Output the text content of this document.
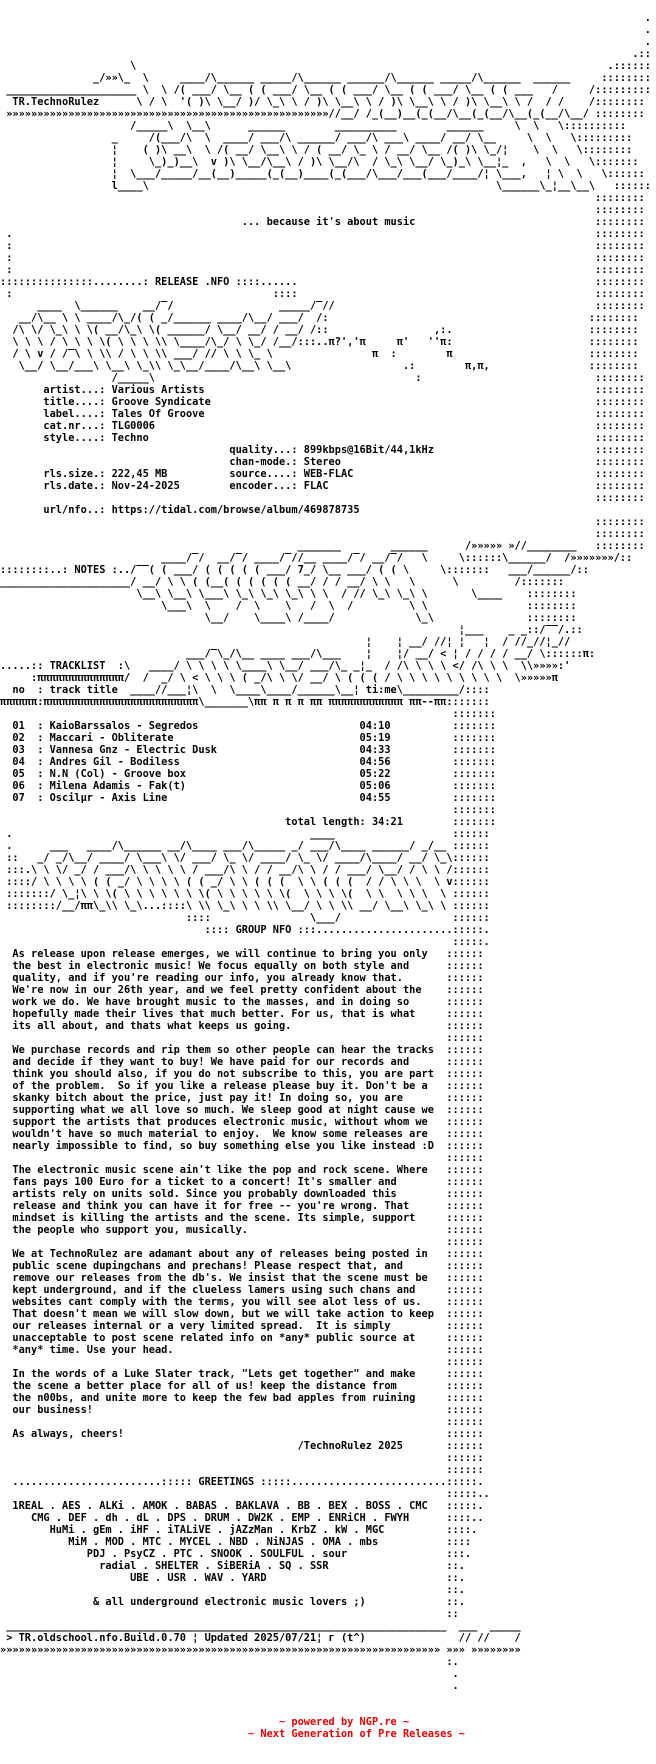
.
.
.
.::
\                                                                            .::::::
_/»»\_  \     ____/\______ _____/\______ ______/\______ _____/\______  ______     ::::::::
_____________________ \  \ /( ___/ \__ ( ( ___/ \__ ( ( ___/ \__ ( ( ___/ \__ ( ( ___   /     /:::::::::
TR.TechnoRulez      \ / \  '( )\ \__/ )/ \_\ \ / )\ \__\ \ / )\ \__\ \ / )\ \__\ \ /  / /    /::::::::
»»»»»»»»»»»»»»»»»»»»»»»»»»»»»»»»»»»»»»»»»»»»»»»»»»»»//__/ /_(__)__(_(__/\__(_(__/\__(_(__/\__/ ::::::::
/_____\  \__\      ______        __________        ______     \  \   \::::::::::
_     /(___/\  \  ____/ ___/\ ______/ ___/\ ___\ ____/ __/ \__     \  \   \:::::::::
¦    ( )\ __\  \ /( __/ \__\ \ / ( __/ \_ \ / __/ \__ /( )\ \_/¦    \  \   \::::::::
¦     \_)_)__\  v )\ \__/\__\ / )\ \__/\  / \_\ \__/ \_)_\ \__¦_  ,   \  \   \:::::::
¦  \___/_____/__(__)_____(_(__)____(_(___/\___/___(___/____/¦ \___,   ¦ \  \   \::::::
l____\                                                        \______\_¦__\__\   ::::::
::::::::
::::::::
... because it's about music                             ::::::::
.                                                                                              ::::::::
:                                                                                              ::::::::
:                                                                                              ::::::::
:                                                                                              ::::::::
:::::::::::::::........: RELEASE .NFO ::::......                                                ::::::::
:                                          ::::                                                ::::::::
____  \______    __/‾/                 _____/‾//                                          ::::::::
__/\__ \ \ ____/\_/( ( _/______ ____/\__/ ___/  /:                                          ::::::::
/\ \/ \_\ \ \( __/\_\ \( ______/ \__/ __/ / __/ /::                 ,:.                      ::::::::
\ \ \ / \ \ \ \( \ \ \ \\ \____/\_/ \ \_/ /__/:::..π?','π     π'   ''π:                      ::::::::
/ \ v / /‾\ \ \\ / \ \ \\ ___/ // \ \ \_ \                π  :        π                      ::::::::
\__/ \__/___\ \__\ \_\\ \_\__/____/\__\ \__\                  .:        π,π,                ::::::::
/_____\                                          :                            ::::::::
artist...: Various Artists                                                               ::::::::
title....: Groove Syndicate                                                              ::::::::
label....: Tales Of Groove                                                               ::::::::
cat.nr...: TLG0006                                                                       ::::::::
style....: Techno                                                                        ::::::::
quality...: 899kbps@16Bit/44,1kHz                          ::::::::
chan-mode.: Stereo                                         ::::::::
rls.size.: 222,45 MB          source....: WEB-FLAC                                       ::::::::
rls.date.: Nov-24-2025        encoder...: FLAC                                           ::::::::
::::::::
url/nfo..: https://tidal.com/browse/album/469878735
::::::::
::::::::
_______        ______      /»»»»» »//________   ::::::::
____/‾/  __/‾/ ____/‾//__ ____/‾/ __/‾/   \     \::::::\______/  /»»»»»»»/::
::::::::..: NOTES :../‾‾( ( ___/ ( ( ( ( ( ___/ 7_/ \__ ___/ ( ( \     \:::::::   ___/______/::
_____________________/ __/ \ \ ( (__( ( ( ( ( ( __/ / / __/ \ \   \      \         /:::::::
\__\ \__\ \___\ \_\ \_\ \_\ \ \  / // \_\ \_\ \       \____    ::::::::
\___\  \    /  \    \   /  \  /         \ \                ::::::::
\__/    \____\ /____/             \_\               ::::::::
¦___    _ _::/‾‾/.::
¦    ¦ __/ //¦ ¦   ¦  / //_//¦_//
___/‾\_/\__ ____ ___/\___    ¦    ¦/ __/ < ¦ / / / / __/ \::::::π:
.....:: TRACKLIST  :\   ____/ \ \ \ \ \____\ \__/ ___/\_ _¦_  / /\ \ \ \ </ /\ \ \  \\»»»»:'
:ππππππππππππππ/  /  _/ \ < \ \ \ ( _/\ \ \/ __/ \ ( ( ( / \ \ \ \ \ \ \ \ \  \»»»»»π
no  : track title  ____//___¦\  \  \____\____/______\__¦ ti:me\_________/::::
ππππππ:πππππππππππππππππππππππππ\_______\ππ π π π ππ ππππππππππππ ππ--ππ:::::::
:::::::
01  : KaioBarssalos - Segredos                          04:10          :::::::
02  : Maccari - Obliterate                              05:19          :::::::
03  : Vannesa Gnz - Electric Dusk                       04:33          :::::::
04  : Andres Gil - Bodiless                             04:56          :::::::
05  : N.N (Col) - Groove box                            05:22          :::::::
06  : Milena Adamis - Fak(t)                            05:06          :::::::
07  : Oscilµr - Axis Line                               04:55          :::::::
:::::::
total length: 34:21        :::::::
.                                                ____                   ::::::
.      ___   ____/\______ __/\____ ___/\_____ _/ ___/\____ ______/ _/__ ::::::
::   _/ _/\__/ ____/ \___\ \/ ___/ \_ \/ ____/ \_ \/ ____/\____/ __/ \_\::::::
:::.\ \ \/ _/ / ___/\ \ \ \ \ / ___/\ \ / / __/\ \ / / ___/ \__/ / \ \ /::::::
::::/ \ \ \ \ ( ( _/ \ \ \ \ ( ( _/ \ \ ( ( (  \ \ ( ( (  / / \ \ \  \ v::::::
:::::::/ \_¦\ \ \( \ \ \ \ \ \ \( \ \ \ \ \ \(  \ \ \ \(  \ \  \ \ \  \ ::::::
::::::::/__/ππ\_\\ \_\...::::\ \\ \_\ \ \ \\ \__/ \ \ \\ __/ \__\ \_\ \ ::::::
::::                \___/                  ::::::
:::: GROUP NFO :::......................:::::.
:::::.
As release upon release emerges, we will continue to bring you only   ::::::
the best in electronic music! We focus equally on both style and      ::::::
quality, and if you're reading our info, you already know that.       ::::::
We're now in our 26th year, and we feel pretty confident about the    ::::::
work we do. We have brought music to the masses, and in doing so      ::::::
hopefully made their lives that much better. For us, that is what     ::::::
its all about, and thats what keeps us going.                         ::::::
::::::
We purchase records and rip them so other people can hear the tracks  ::::::
and decide if they want to buy! We have paid for our records and      ::::::
think you should also, if you do not subscribe to this, you are part  ::::::
of the problem.  So if you like a release please buy it. Don't be a   ::::::
skanky bitch about the price, just pay it! In doing so, you are       ::::::
supporting what we all love so much. We sleep good at night cause we  ::::::
support the artists that produces electronic music, without whom we   ::::::
wouldn't have so much material to enjoy.  We know some releases are   ::::::
nearly impossible to find, so buy something else you like instead :D  ::::::
::::::
The electronic music scene ain't like the pop and rock scene. Where   ::::::
fans pays 100 Euro for a ticket to a concert! It's smaller and        ::::::
artists rely on units sold. Since you probably downloaded this        ::::::
release and think you can have it for free -- you're wrong. That      ::::::
mindset is killing the artists and the scene. Its simple, support     ::::::
the people who support you, musically.                                ::::::
::::::
We at TechnoRulez are adamant about any of releases being posted in   ::::::
public scene dupingchans and prechans! Please respect that, and       ::::::
remove our releases from the db's. We insist that the scene must be   ::::::
kept underground, and if the clueless lamers using such chans and     ::::::
websites cant comply with the terms, you will see alot less of us.    ::::::
That doesn't mean we will slow down, but we will take action to keep  ::::::
our releases internal or a very limited spread.  It is simply         ::::::
unacceptable to post scene related info on *any* public source at     ::::::
*any* time. Use your head.                                            ::::::
::::::
In the words of a Luke Slater track, "Lets get together" and make     ::::::
the scene a better place for all of us! keep the distance from        ::::::
the n00bs, and unite more to keep the few bad apples from ruining     ::::::
our business!                                                         ::::::
::::::
As always, cheers!                                                    ::::::
/TechnoRulez 2025       ::::::
::::::
::::::
........................::::: GREETINGS :::::.........................:::::.
:::::..
1REAL . AES . ALKi . AMOK . BABAS . BAKLAVA . BB . BEX . BOSS . CMC   :::::.
CMG . DEF . dh . dL . DPS . DRUM . DW2K . EMP . ENRiCH . FWYH      ::::..
HuMi . gEm . iHF . iTALiVE . jAZzMan . KrbZ . kW . MGC          ::::.
MiM . MOD . MTC . MYCEL . NBD . NiNJAS . OMA . mbs           ::::
PDJ . PsyCZ . PTC . SNOOK . SOULFUL . sour                :::.
radial . SHELTER . SiBERiA . SQ . SSR                   ::.
UBE . USR . WAV . YARD                             ::.
::.
& all underground electronic music lovers ;)             ::.
::
_______________________________________________________________________  ___  _____
> TR.oldschool.nfo.Build.0.70 ¦ Updated 2025/07/21¦ г (t^)               // //    /
»»»»»»»»»»»»»»»»»»»»»»»»»»»»»»»»»»»»»»»»»»»»»»»»»»»»»»»»»»»»»»»»»»»»»»» »»» »»»»»»»»
:.
.
.
~ powered by NGP.re ~
~ Next Generation of Pre Releases ~
